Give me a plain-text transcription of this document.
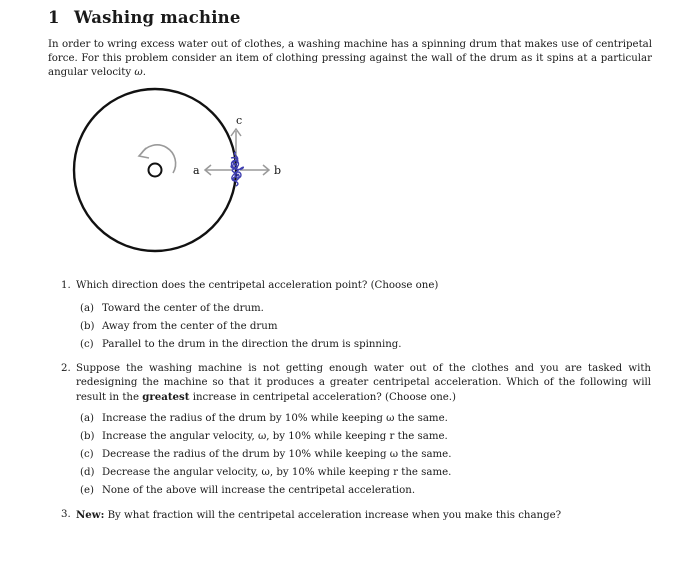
1 Washing machine
In order to wring excess water out of clothes, a washing machine has a spinning drum that makes use of centripetal force. For this problem consider an item of clothing pressing against the wall of the drum as it spins at a particular angular velocity ω.
a	b
c
1. Which direction does the centripetal acceleration point? (Choose one)
(a) Toward the center of the drum.
(b) Away from the center of the drum
(c) Parallel to the drum in the direction the drum is spinning.
2. Suppose the washing machine is not getting enough water out of the clothes and you are tasked with redesigning the machine so that it produces a greater centripetal acceleration. Which of the following will result in the greatest increase in centripetal acceleration? (Choose one.)
(a) Increase the radius of the drum by 10% while keeping ω the same.
(b) Increase the angular velocity, ω, by 10% while keeping r the same.
(c) Decrease the radius of the drum by 10% while keeping ω the same.
(d) Decrease the angular velocity, ω, by 10% while keeping r the same.
(e) None of the above will increase the centripetal acceleration.
3. New: By what fraction will the centripetal acceleration increase when you make this change?
